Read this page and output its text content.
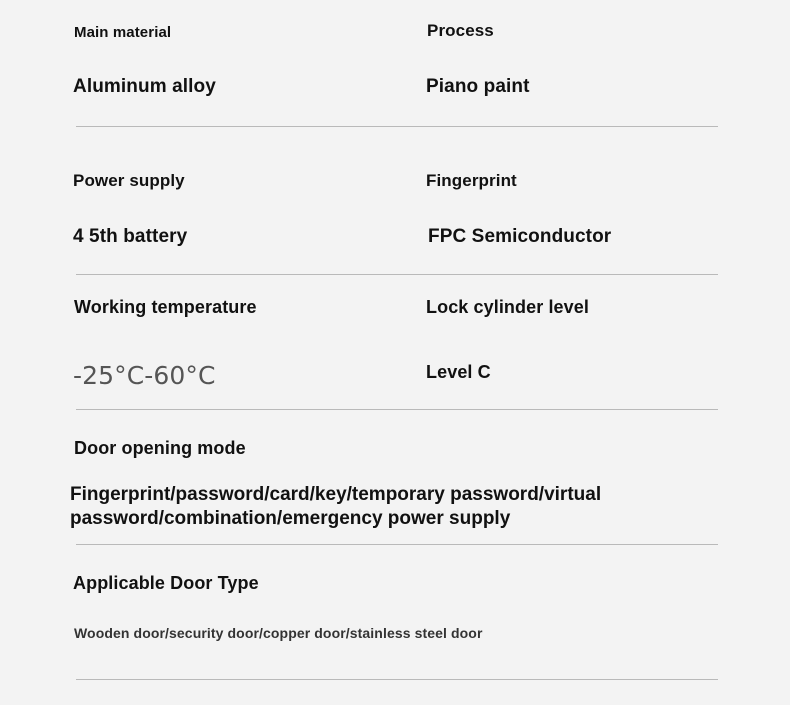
Main material	Process
Aluminum alloy	Piano paint
Power supply	Fingerprint
4 5th battery	FPC Semiconductor
Working temperature	Lock cylinder level
-25°C-60°C	Level C
Door opening mode
Fingerprint/password/card/key/temporary password/virtual password/combination/emergency power supply
Applicable Door Type
Wooden door/security door/copper door/stainless steel door
